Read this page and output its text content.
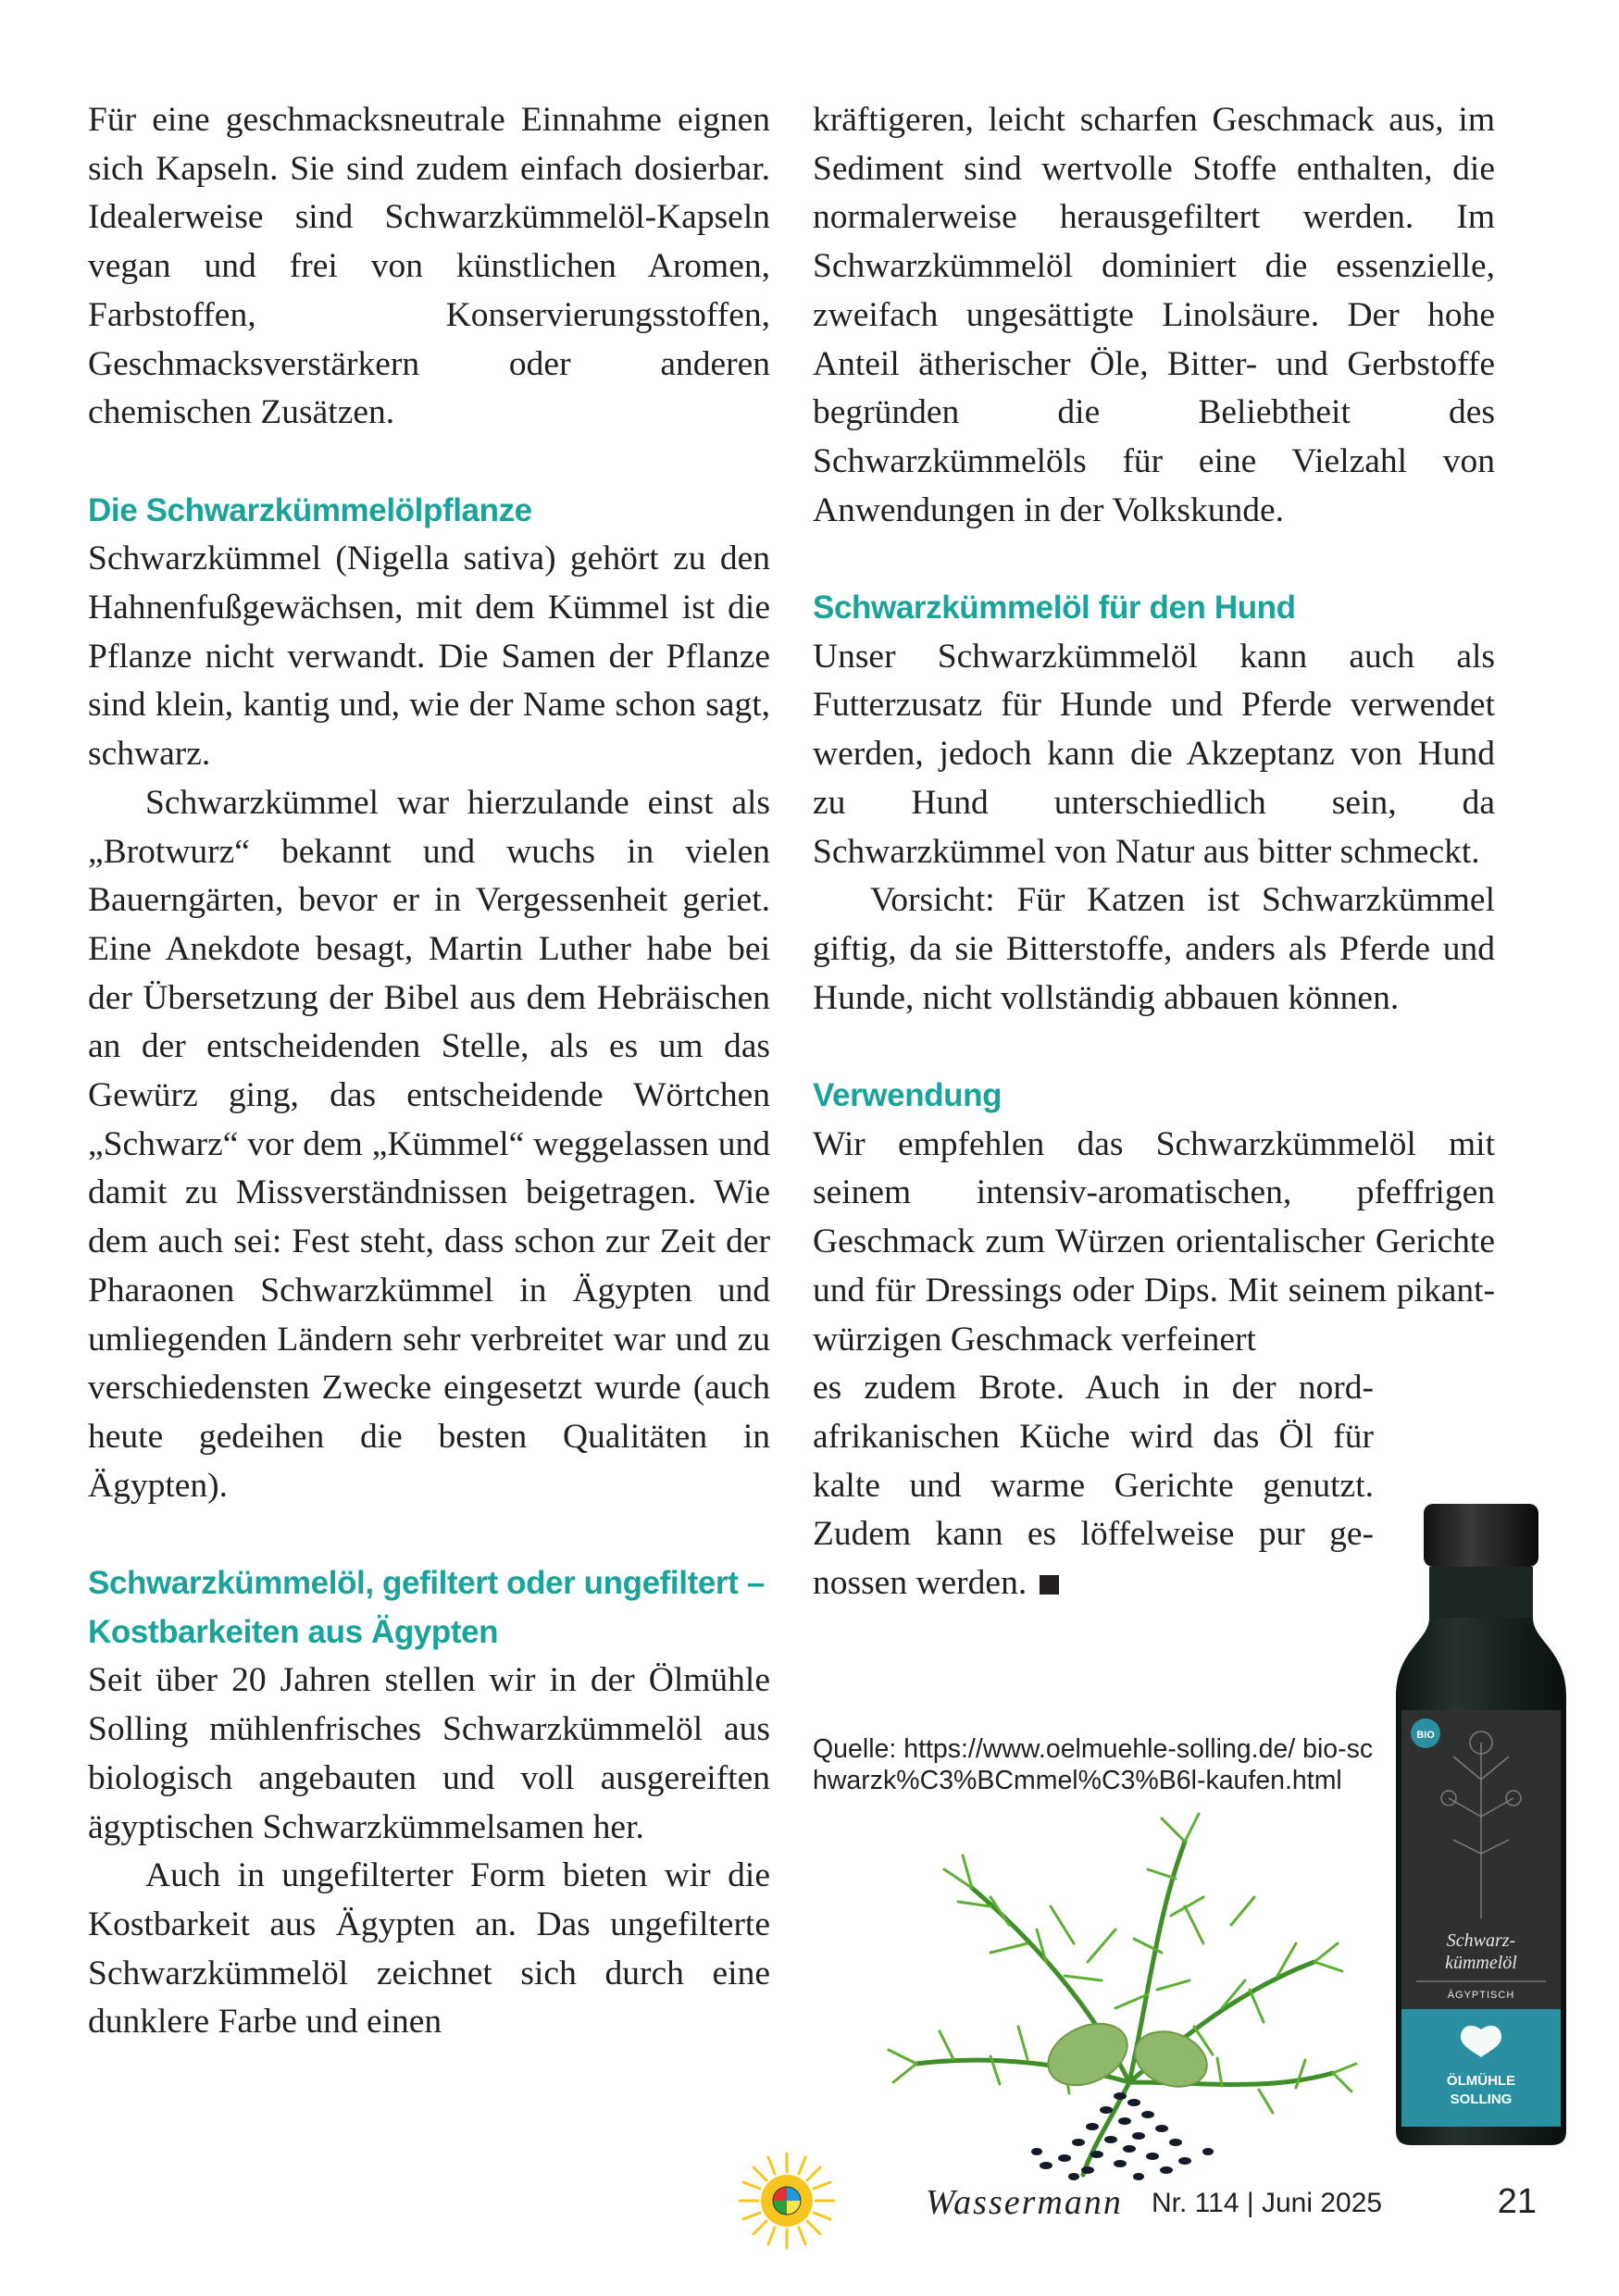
Für eine geschmacksneutrale Einnahme eignen sich Kapseln. Sie sind zudem einfach dosierbar. Idealerweise sind Schwarzkümmelöl-Kapseln vegan und frei von künstlichen Aromen, Farbstoffen, Konservierungsstoffen, Geschmacksverstärkern oder anderen chemischen Zusätzen.

Die Schwarzkümmelölpflanze

Schwarzkümmel (Nigella sativa) gehört zu den Hahnenfußgewächsen, mit dem Kümmel ist die Pflanze nicht verwandt. Die Samen der Pflanze sind klein, kantig und, wie der Name schon sagt, schwarz.

Schwarzkümmel war hierzulande einst als „Brotwurz“ bekannt und wuchs in vielen Bauerngärten, bevor er in Vergessenheit geriet. Eine Anekdote besagt, Martin Luther habe bei der Übersetzung der Bibel aus dem Hebräischen an der entscheidenden Stelle, als es um das Gewürz ging, das entscheidende Wörtchen „Schwarz“ vor dem „Kümmel“ weggelassen und damit zu Missverständnissen beigetragen. Wie dem auch sei: Fest steht, dass schon zur Zeit der Pharaonen Schwarzkümmel in Ägypten und umliegenden Ländern sehr verbreitet war und zu verschiedensten Zwecke eingesetzt wurde (auch heute gedeihen die besten Qualitäten in Ägypten).

Schwarzkümmelöl, gefiltert oder ungefiltert – Kostbarkeiten aus Ägypten

Seit über 20 Jahren stellen wir in der Ölmühle Solling mühlenfrisches Schwarzkümmelöl aus biologisch angebauten und voll ausgereiften ägyptischen Schwarzkümmelsamen her.

Auch in ungefilterter Form bieten wir die Kostbarkeit aus Ägypten an. Das ungefilterte Schwarzkümmelöl zeichnet sich durch eine dunklere Farbe und einen

kräftigeren, leicht scharfen Geschmack aus, im Sediment sind wertvolle Stoffe enthalten, die normalerweise herausgefiltert werden. Im Schwarzkümmelöl dominiert die essenzielle, zweifach ungesättigte Linolsäure. Der hohe Anteil ätherischer Öle, Bitter- und Gerbstoffe begründen die Beliebtheit des Schwarzkümmelöls für eine Vielzahl von Anwendungen in der Volkskunde.

Schwarzkümmelöl für den Hund

Unser Schwarzkümmelöl kann auch als Futterzusatz für Hunde und Pferde verwendet werden, jedoch kann die Akzeptanz von Hund zu Hund unterschiedlich sein, da Schwarzkümmel von Natur aus bitter schmeckt.

Vorsicht: Für Katzen ist Schwarzkümmel giftig, da sie Bitterstoffe, anders als Pferde und Hunde, nicht vollständig abbauen können.

Verwendung

Wir empfehlen das Schwarzkümmelöl mit seinem intensiv-aromatischen, pfeffrigen Geschmack zum Würzen orientalischer Gerichte und für Dressings oder Dips. Mit seinem pikant-würzigen Geschmack verfeinert

es zudem Brote. Auch in der nordafrikanischen Küche wird das Öl für kalte und warme Gerichte genutzt. Zudem kann es löffelweise pur genossen werden.

Quelle: https://www.oelmuehle-solling.de/ bio-schwarzk%C3%BCmmel%C3%B6l-kaufen.html
BIO
Schwarz-
kümmelöl
ÄGYPTISCH
ÖLMÜHLE
SOLLING
Wassermann Nr. 114 | Juni 2025	21
